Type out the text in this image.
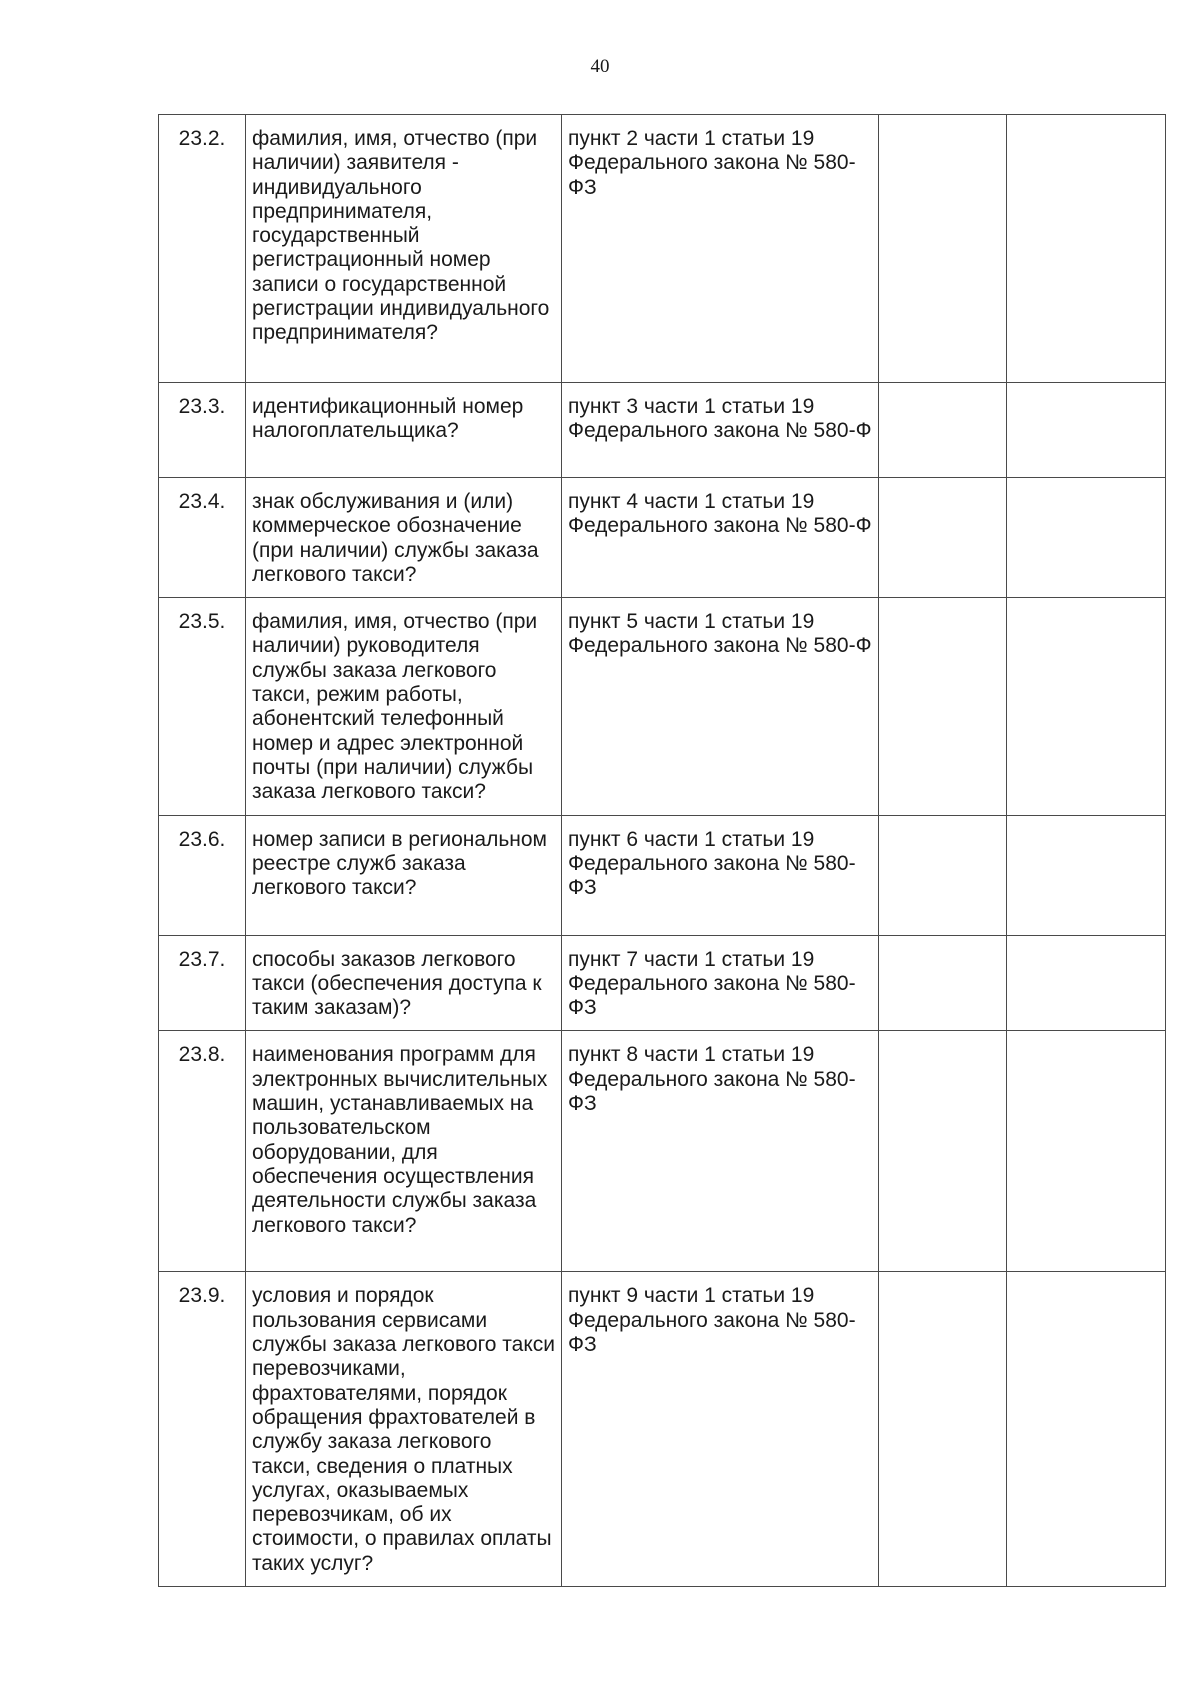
40
23.2.	фамилия, имя, отчество (при наличии) заявителя - индивидуального предпринимателя, государственный регистрационный номер записи о государственной регистрации индивидуального предпринимателя?	пункт 2 части 1 статьи 19 Федерального закона № 580-ФЗ		
23.3.	идентификационный номер налогоплательщика?	пункт 3 части 1 статьи 19 Федерального закона № 580-Ф		
23.4.	знак обслуживания и (или) коммерческое обозначение (при наличии) службы заказа легкового такси?	пункт 4 части 1 статьи 19 Федерального закона № 580-Ф		
23.5.	фамилия, имя, отчество (при наличии) руководителя службы заказа легкового такси, режим работы, абонентский телефонный номер и адрес электронной почты (при наличии) службы заказа легкового такси?	пункт 5 части 1 статьи 19 Федерального закона № 580-Ф		
23.6.	номер записи в региональном реестре служб заказа легкового такси?	пункт 6 части 1 статьи 19 Федерального закона № 580-ФЗ		
23.7.	способы заказов легкового такси (обеспечения доступа к таким заказам)?	пункт 7 части 1 статьи 19 Федерального закона № 580-ФЗ		
23.8.	наименования программ для электронных вычислительных машин, устанавливаемых на пользовательском оборудовании, для обеспечения осуществления деятельности службы заказа легкового такси?	пункт 8 части 1 статьи 19 Федерального закона № 580-ФЗ		
23.9.	условия и порядок пользования сервисами службы заказа легкового такси перевозчиками, фрахтователями, порядок обращения фрахтователей в службу заказа легкового такси, сведения о платных услугах, оказываемых перевозчикам, об их стоимости, о правилах оплаты таких услуг?	пункт 9 части 1 статьи 19 Федерального закона № 580-ФЗ		
